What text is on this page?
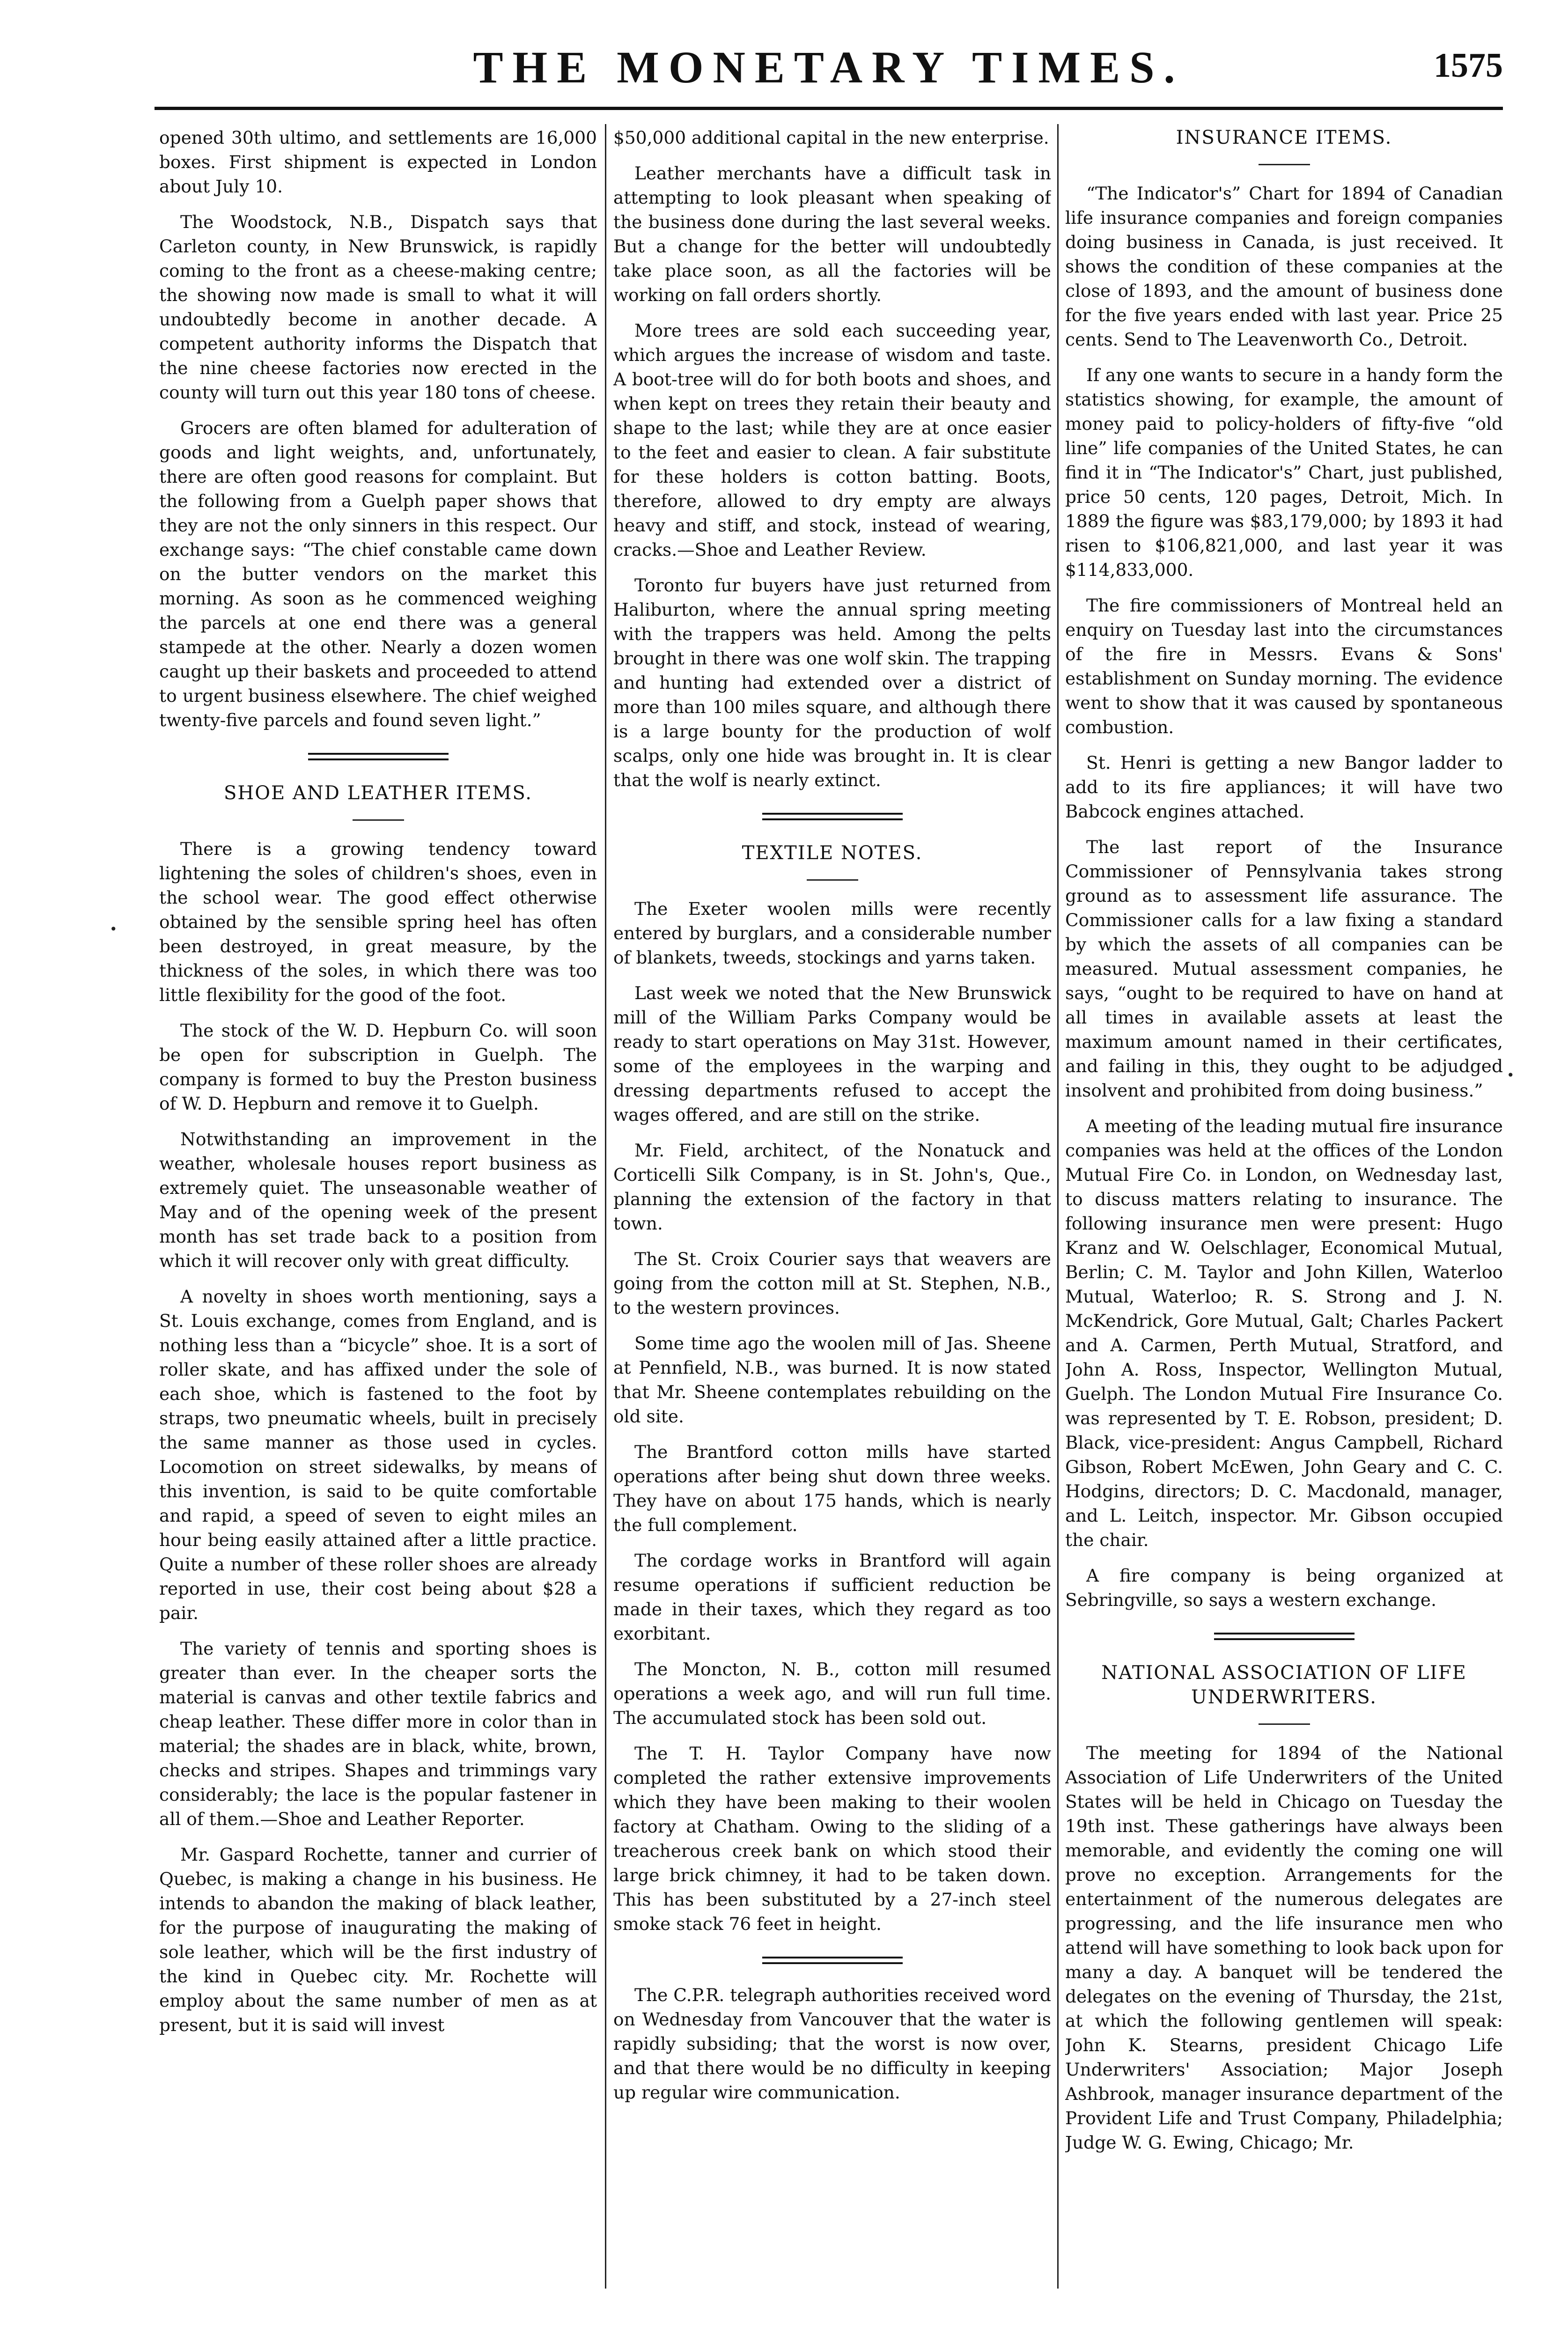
THE MONETARY TIMES.	1575
•
•

opened 30th ultimo, and settlements are 16,000 boxes. First shipment is expected in London about July 10.

The Woodstock, N.B., Dispatch says that Carleton county, in New Brunswick, is rapidly coming to the front as a cheese-making centre; the showing now made is small to what it will undoubtedly become in another decade. A competent authority informs the Dispatch that the nine cheese factories now erected in the county will turn out this year 180 tons of cheese.

Grocers are often blamed for adulteration of goods and light weights, and, unfortunately, there are often good reasons for complaint. But the following from a Guelph paper shows that they are not the only sinners in this respect. Our exchange says: “The chief constable came down on the butter vendors on the market this morning. As soon as he commenced weighing the parcels at one end there was a general stampede at the other. Nearly a dozen women caught up their baskets and proceeded to attend to urgent business elsewhere. The chief weighed twenty-five parcels and found seven light.”

SHOE AND LEATHER ITEMS.

There is a growing tendency toward lightening the soles of children's shoes, even in the school wear. The good effect otherwise obtained by the sensible spring heel has often been destroyed, in great measure, by the thickness of the soles, in which there was too little flexibility for the good of the foot.

The stock of the W. D. Hepburn Co. will soon be open for subscription in Guelph. The company is formed to buy the Preston business of W. D. Hepburn and remove it to Guelph.

Notwithstanding an improvement in the weather, wholesale houses report business as extremely quiet. The unseasonable weather of May and of the opening week of the present month has set trade back to a position from which it will recover only with great difficulty.

A novelty in shoes worth mentioning, says a St. Louis exchange, comes from England, and is nothing less than a “bicycle” shoe. It is a sort of roller skate, and has affixed under the sole of each shoe, which is fastened to the foot by straps, two pneumatic wheels, built in precisely the same manner as those used in cycles. Locomotion on street sidewalks, by means of this invention, is said to be quite comfortable and rapid, a speed of seven to eight miles an hour being easily attained after a little practice. Quite a number of these roller shoes are already reported in use, their cost being about $28 a pair.

The variety of tennis and sporting shoes is greater than ever. In the cheaper sorts the material is canvas and other textile fabrics and cheap leather. These differ more in color than in material; the shades are in black, white, brown, checks and stripes. Shapes and trimmings vary considerably; the lace is the popular fastener in all of them.—Shoe and Leather Reporter.

Mr. Gaspard Rochette, tanner and currier of Quebec, is making a change in his business. He intends to abandon the making of black leather, for the purpose of inaugurating the making of sole leather, which will be the first industry of the kind in Quebec city. Mr. Rochette will employ about the same number of men as at present, but it is said will invest

$50,000 additional capital in the new enterprise.

Leather merchants have a difficult task in attempting to look pleasant when speaking of the business done during the last several weeks. But a change for the better will undoubtedly take place soon, as all the factories will be working on fall orders shortly.

More trees are sold each succeeding year, which argues the increase of wisdom and taste. A boot-tree will do for both boots and shoes, and when kept on trees they retain their beauty and shape to the last; while they are at once easier to the feet and easier to clean. A fair substitute for these holders is cotton batting. Boots, therefore, allowed to dry empty are always heavy and stiff, and stock, instead of wearing, cracks.—Shoe and Leather Review.

Toronto fur buyers have just returned from Haliburton, where the annual spring meeting with the trappers was held. Among the pelts brought in there was one wolf skin. The trapping and hunting had extended over a district of more than 100 miles square, and although there is a large bounty for the production of wolf scalps, only one hide was brought in. It is clear that the wolf is nearly extinct.

TEXTILE NOTES.

The Exeter woolen mills were recently entered by burglars, and a considerable number of blankets, tweeds, stockings and yarns taken.

Last week we noted that the New Brunswick mill of the William Parks Company would be ready to start operations on May 31st. However, some of the employees in the warping and dressing departments refused to accept the wages offered, and are still on the strike.

Mr. Field, architect, of the Nonatuck and Corticelli Silk Company, is in St. John's, Que., planning the extension of the factory in that town.

The St. Croix Courier says that weavers are going from the cotton mill at St. Stephen, N.B., to the western provinces.

Some time ago the woolen mill of Jas. Sheene at Pennfield, N.B., was burned. It is now stated that Mr. Sheene contemplates rebuilding on the old site.

The Brantford cotton mills have started operations after being shut down three weeks. They have on about 175 hands, which is nearly the full complement.

The cordage works in Brantford will again resume operations if sufficient reduction be made in their taxes, which they regard as too exorbitant.

The Moncton, N. B., cotton mill resumed operations a week ago, and will run full time. The accumulated stock has been sold out.

The T. H. Taylor Company have now completed the rather extensive improvements which they have been making to their woolen factory at Chatham. Owing to the sliding of a treacherous creek bank on which stood their large brick chimney, it had to be taken down. This has been substituted by a 27-inch steel smoke stack 76 feet in height.

The C.P.R. telegraph authorities received word on Wednesday from Vancouver that the water is rapidly subsiding; that the worst is now over, and that there would be no difficulty in keeping up regular wire communication.

INSURANCE ITEMS.

“The Indicator's” Chart for 1894 of Canadian life insurance companies and foreign companies doing business in Canada, is just received. It shows the condition of these companies at the close of 1893, and the amount of business done for the five years ended with last year. Price 25 cents. Send to The Leavenworth Co., Detroit.

If any one wants to secure in a handy form the statistics showing, for example, the amount of money paid to policy-holders of fifty-five “old line” life companies of the United States, he can find it in “The Indicator's” Chart, just published, price 50 cents, 120 pages, Detroit, Mich. In 1889 the figure was $83,179,000; by 1893 it had risen to $106,821,000, and last year it was $114,833,000.

The fire commissioners of Montreal held an enquiry on Tuesday last into the circumstances of the fire in Messrs. Evans & Sons' establishment on Sunday morning. The evidence went to show that it was caused by spontaneous combustion.

St. Henri is getting a new Bangor ladder to add to its fire appliances; it will have two Babcock engines attached.

The last report of the Insurance Commissioner of Pennsylvania takes strong ground as to assessment life assurance. The Commissioner calls for a law fixing a standard by which the assets of all companies can be measured. Mutual assessment companies, he says, “ought to be required to have on hand at all times in available assets at least the maximum amount named in their certificates, and failing in this, they ought to be adjudged insolvent and prohibited from doing business.”

A meeting of the leading mutual fire insurance companies was held at the offices of the London Mutual Fire Co. in London, on Wednesday last, to discuss matters relating to insurance. The following insurance men were present: Hugo Kranz and W. Oelschlager, Economical Mutual, Berlin; C. M. Taylor and John Killen, Waterloo Mutual, Waterloo; R. S. Strong and J. N. McKendrick, Gore Mutual, Galt; Charles Packert and A. Carmen, Perth Mutual, Stratford, and John A. Ross, Inspector, Wellington Mutual, Guelph. The London Mutual Fire Insurance Co. was represented by T. E. Robson, president; D. Black, vice-president: Angus Campbell, Richard Gibson, Robert McEwen, John Geary and C. C. Hodgins, directors; D. C. Macdonald, manager, and L. Leitch, inspector. Mr. Gibson occupied the chair.

A fire company is being organized at Sebringville, so says a western exchange.

NATIONAL ASSOCIATION OF LIFE UNDERWRITERS.

The meeting for 1894 of the National Association of Life Underwriters of the United States will be held in Chicago on Tuesday the 19th inst. These gatherings have always been memorable, and evidently the coming one will prove no exception. Arrangements for the entertainment of the numerous delegates are progressing, and the life insurance men who attend will have something to look back upon for many a day. A banquet will be tendered the delegates on the evening of Thursday, the 21st, at which the following gentlemen will speak: John K. Stearns, president Chicago Life Underwriters' Association; Major Joseph Ashbrook, manager insurance department of the Provident Life and Trust Company, Philadelphia; Judge W. G. Ewing, Chicago; Mr.
